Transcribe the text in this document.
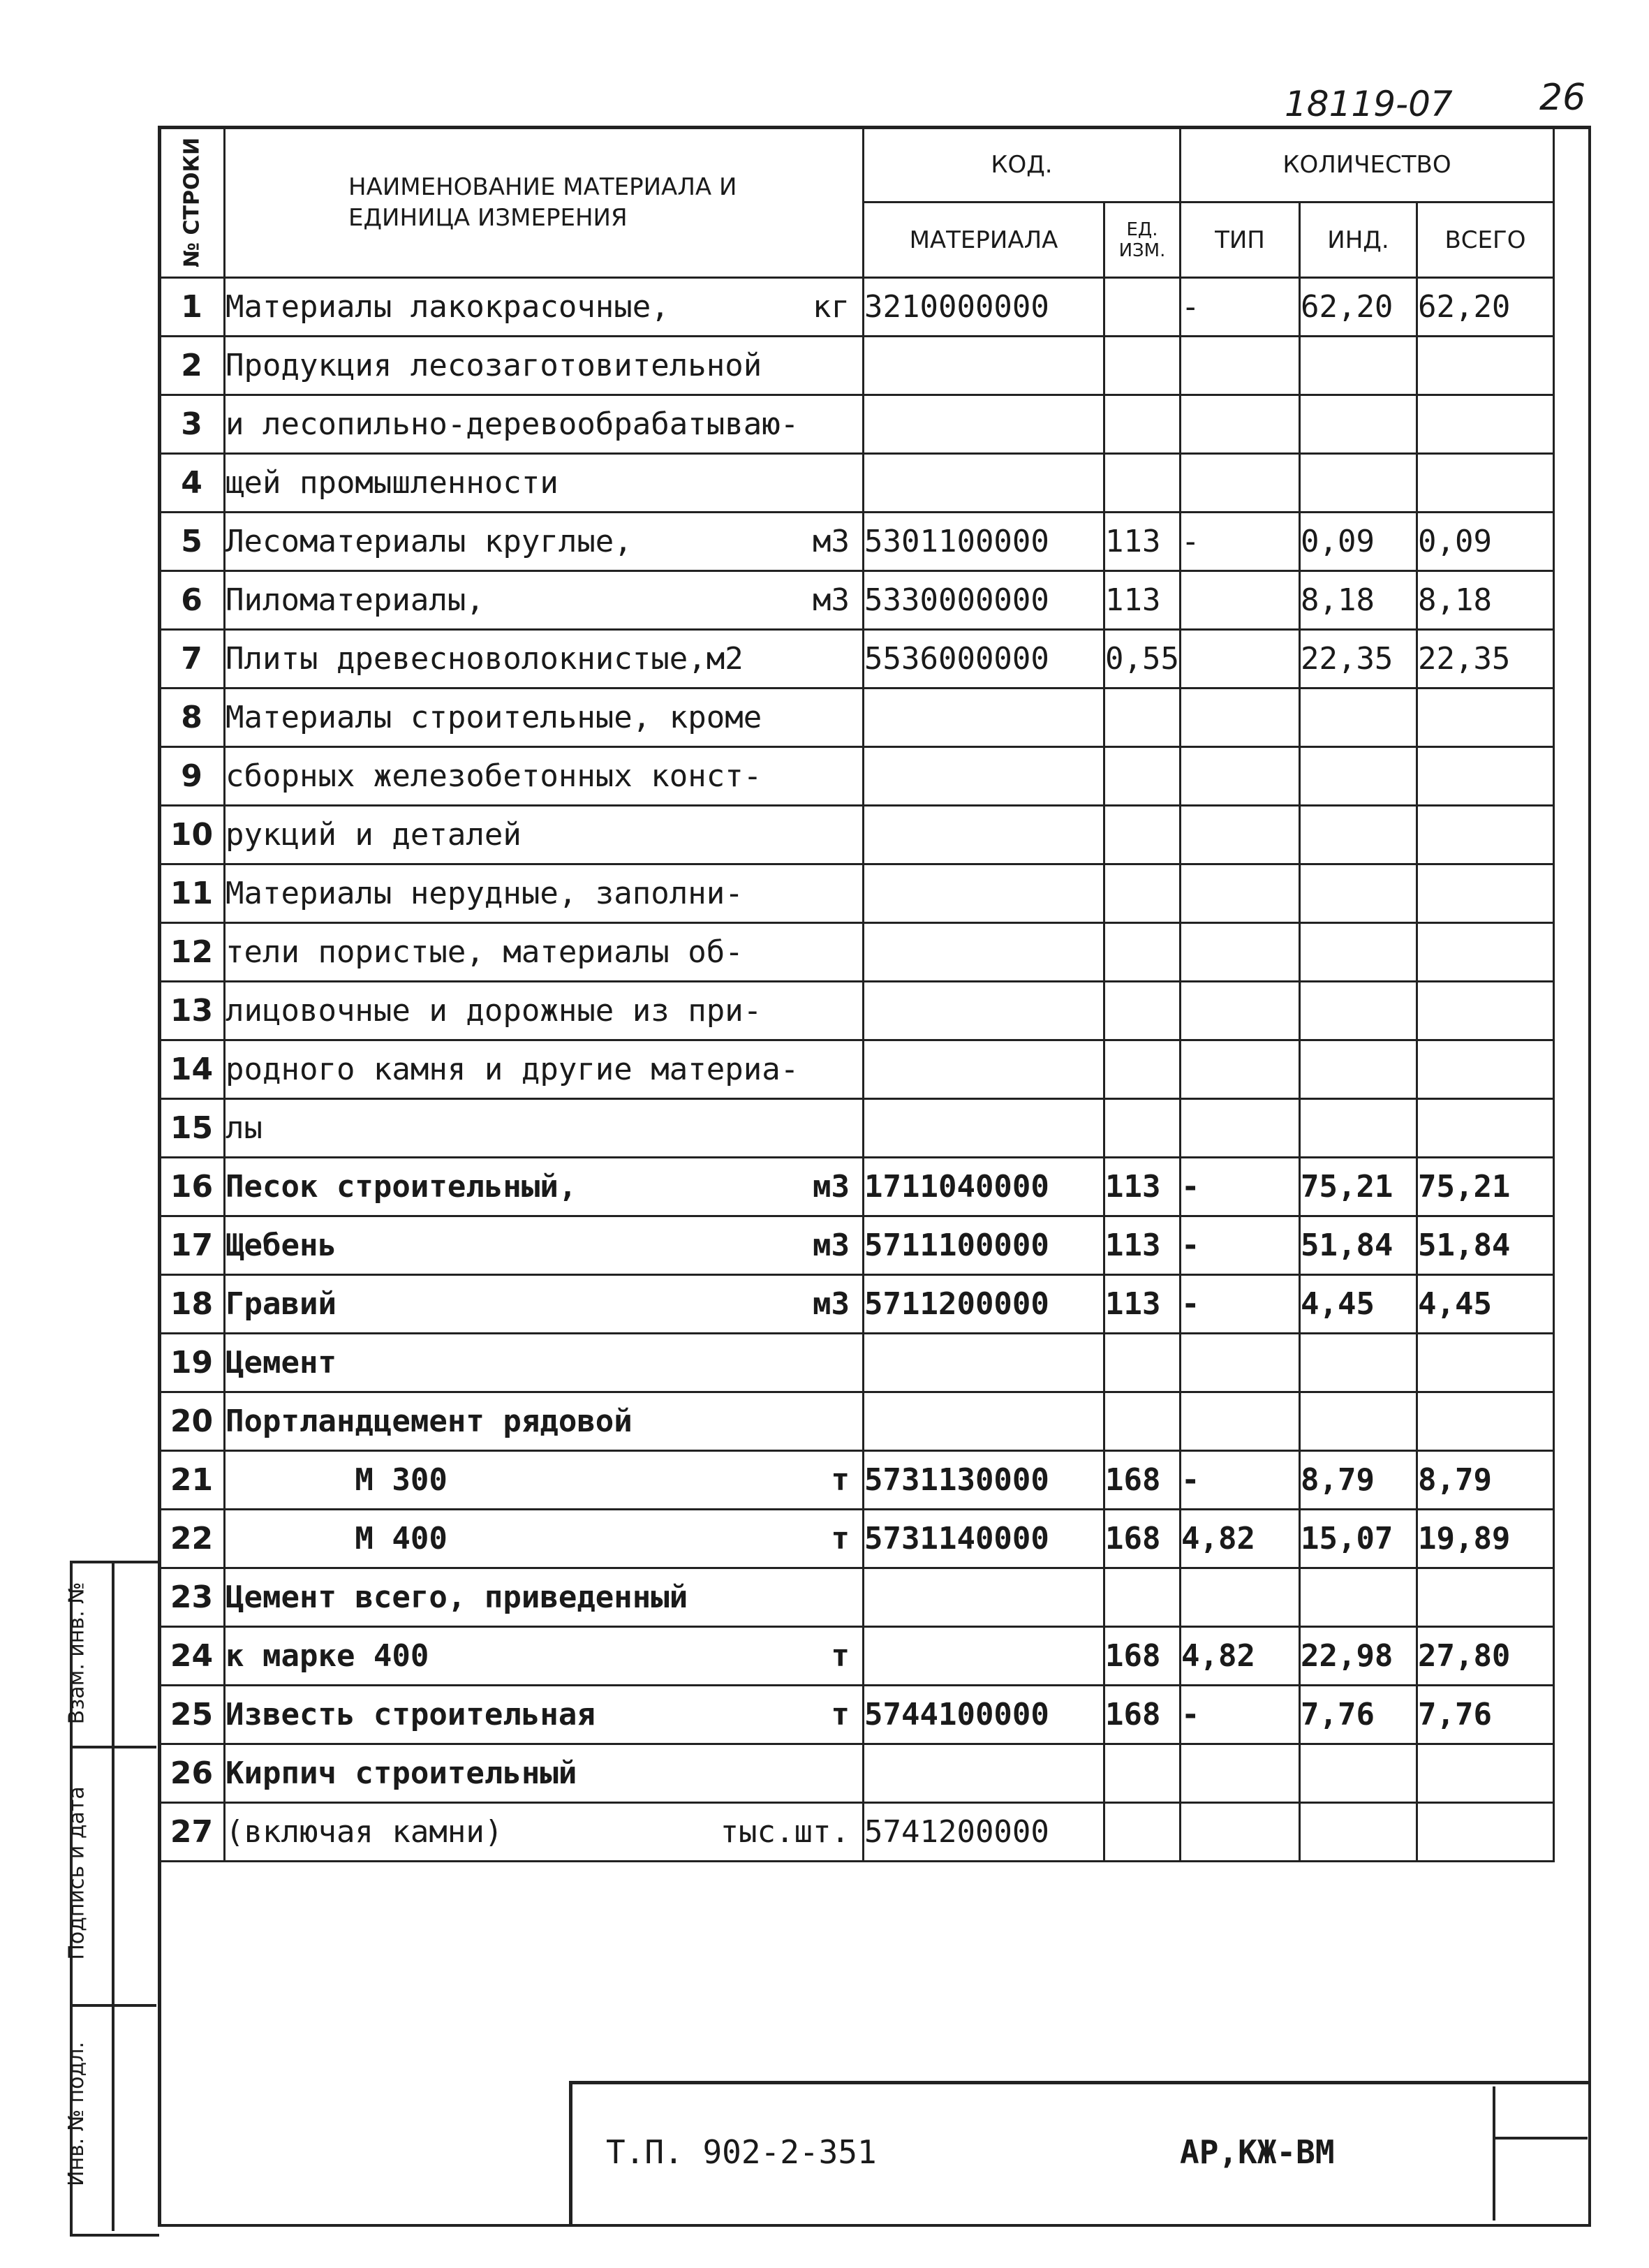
18119-07 26
№ СТРОКИ	НАИМЕНОВАНИЕ МАТЕРИАЛА И ЕДИНИЦА ИЗМЕРЕНИЯ	КОД.		КОЛИЧЕСТВО		
		МАТЕРИАЛА	ЕД. ИЗМ.	ТИП	ИНД.	ВСЕГО
1	Материалы лакокрасочные, кг	3210000000		-	62,20	62,20
2	Продукция лесозаготовительной

3	и лесопильно-деревообрабатываю-

4	щей промышленности

5	Лесоматериалы круглые, м3	5301100000	113	-	0,09	0,09
6	Пиломатериалы, м3	5330000000	113		8,18	8,18
7	Плиты древесноволокнистые,м2	5536000000	0,55		22,35	22,35
8	Материалы строительные, кроме

9	сборных железобетонных конст-

10	рукций и деталей

11	Материалы нерудные, заполни-

12	тели пористые, материалы об-

13	лицовочные и дорожные из при-

14	родного камня и другие материа-

15	лы

16	Песок строительный, м3	1711040000	113	-	75,21	75,21
17	Щебень м3	5711100000	113	-	51,84	51,84
18	Гравий м3	5711200000	113	-	4,45	4,45
19	Цемент

20	Портландцемент рядовой

21	М 300 т	5731130000	168	-	8,79	8,79
22	М 400 т	5731140000	168	4,82	15,07	19,89
23	Цемент всего, приведенный

24	к марке 400 т		168	4,82	22,98	27,80
25	Известь строительная т	5744100000	168	-	7,76	7,76
26	Кирпич строительный

27	(включая камни) тыс.шт.	5741200000				
Взам. инв. №
Подпись и дата
Инв. № подл.	Т.П. 902-2-351	АР,КЖ-ВМ
